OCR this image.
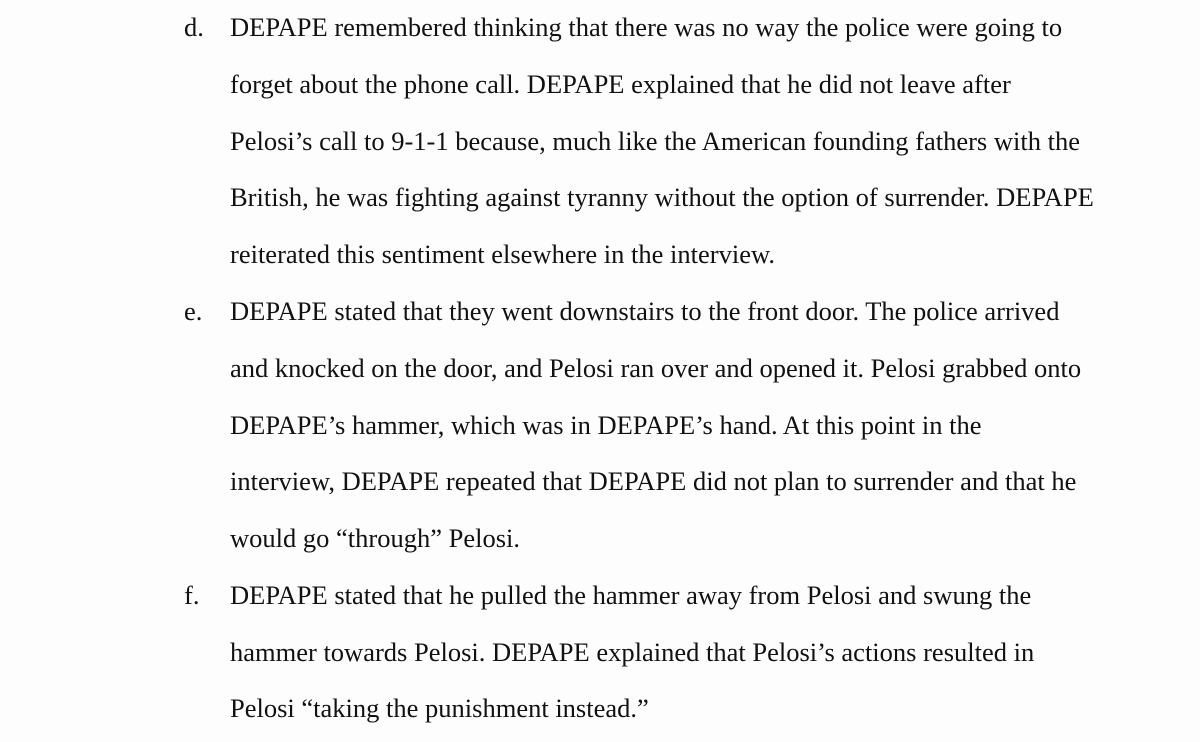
d. DEPAPE remembered thinking that there was no way the police were going to
forget about the phone call. DEPAPE explained that he did not leave after
Pelosi’s call to 9-1-1 because, much like the American founding fathers with the
British, he was fighting against tyranny without the option of surrender. DEPAPE
reiterated this sentiment elsewhere in the interview.
e. DEPAPE stated that they went downstairs to the front door. The police arrived
and knocked on the door, and Pelosi ran over and opened it. Pelosi grabbed onto
DEPAPE’s hammer, which was in DEPAPE’s hand. At this point in the
interview, DEPAPE repeated that DEPAPE did not plan to surrender and that he
would go “through” Pelosi.
f. DEPAPE stated that he pulled the hammer away from Pelosi and swung the
hammer towards Pelosi. DEPAPE explained that Pelosi’s actions resulted in
Pelosi “taking the punishment instead.”
